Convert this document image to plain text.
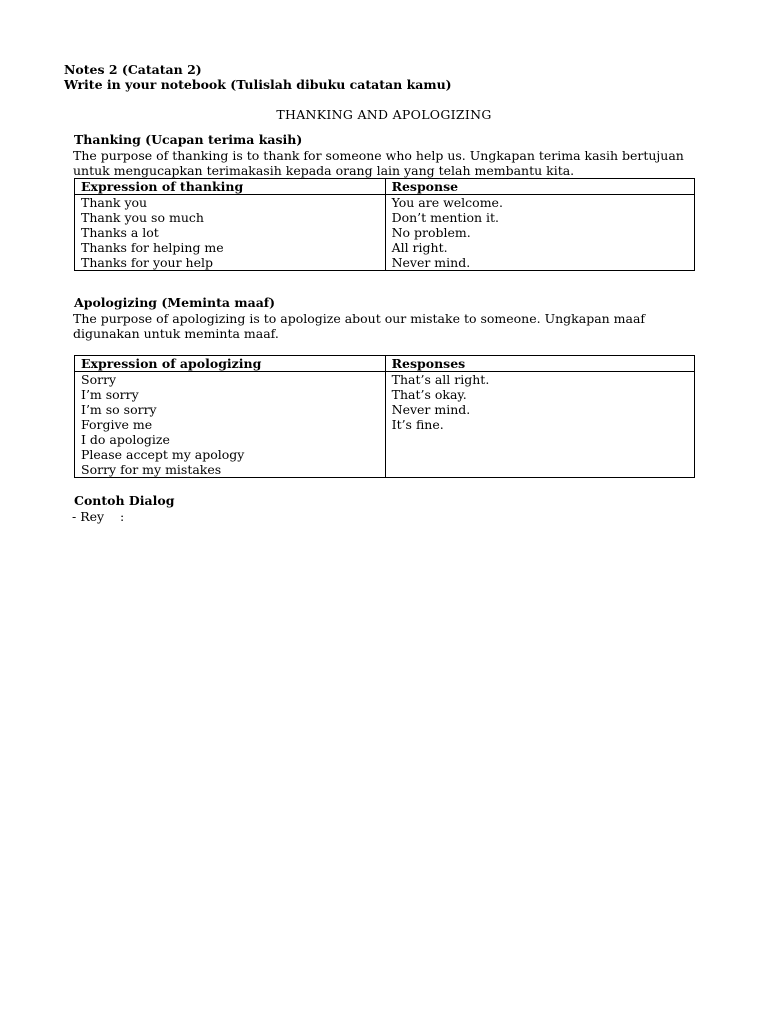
Notes 2 (Catatan 2)
Write in your notebook (Tulislah dibuku catatan kamu)
THANKING AND APOLOGIZING
Thanking (Ucapan terima kasih)
The purpose of thanking is to thank for someone who help us. Ungkapan terima kasih bertujuan
untuk mengucapkan terimakasih kepada orang lain yang telah membantu kita.
Expression of thanking	Response
Thank you	You are welcome.
Thank you so much	Don’t mention it.
Thanks a lot	No problem.
Thanks for helping me	All right.
Thanks for your help	Never mind.
Apologizing (Meminta maaf)
The purpose of apologizing is to apologize about our mistake to someone. Ungkapan maaf
digunakan untuk meminta maaf.
Expression of apologizing	Responses
Sorry	That’s all right.
I’m sorry	That’s okay.
I’m so sorry	Never mind.
Forgive me	It’s fine.
I do apologize	
Please accept my apology	
Sorry for my mistakes	
Contoh Dialog
- Rey    :
